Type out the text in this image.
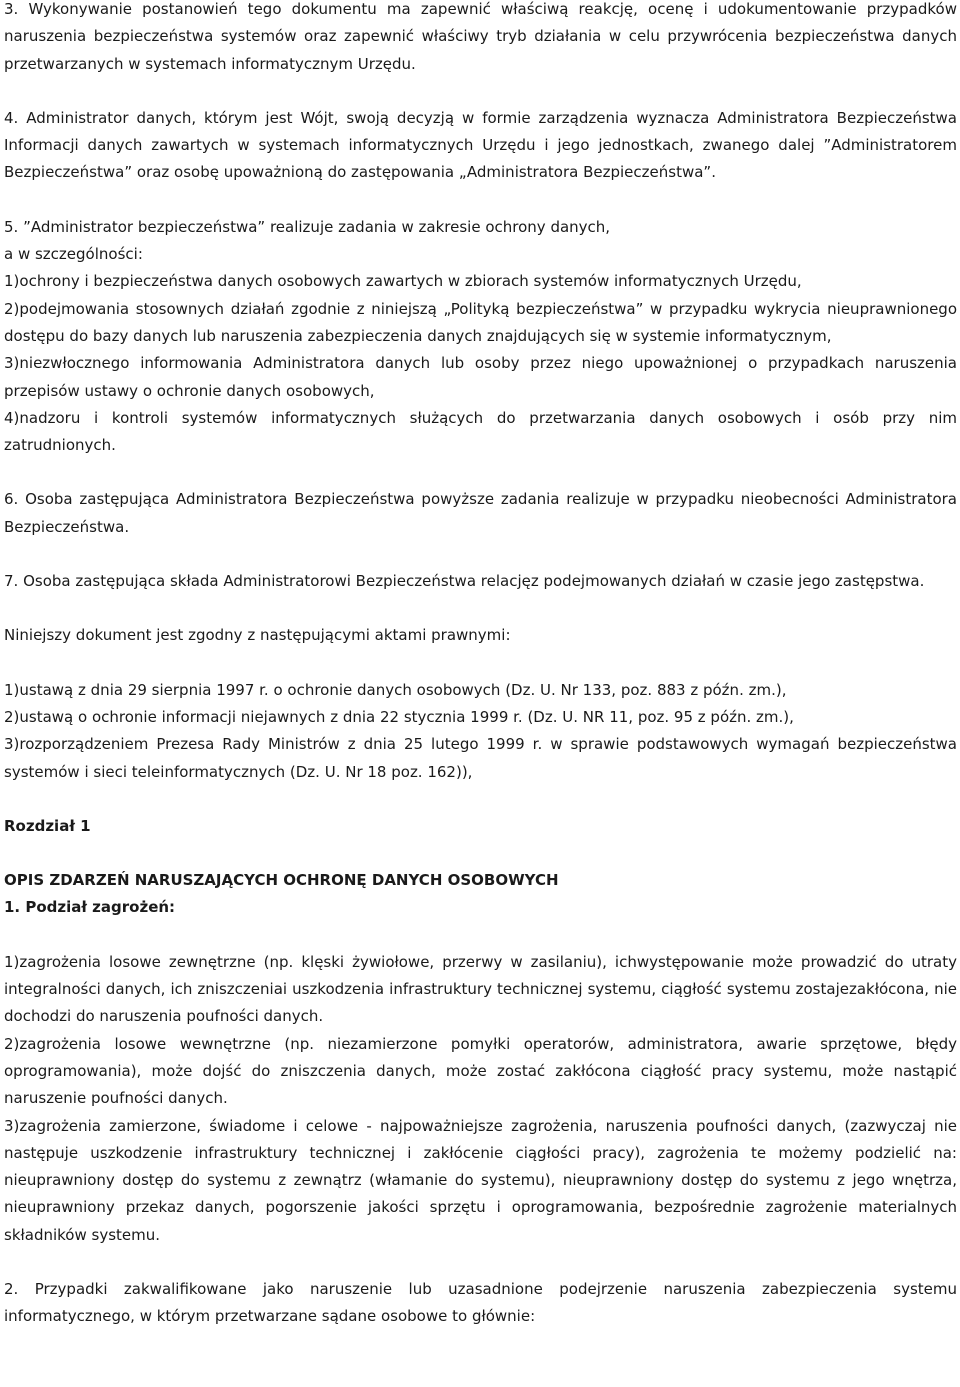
3. Wykonywanie postanowień tego dokumentu ma zapewnić właściwą reakcję, ocenę i udokumentowanie przypadków naruszenia bezpieczeństwa systemów oraz zapewnić właściwy tryb działania w celu przywrócenia bezpieczeństwa danych przetwarzanych w systemach informatycznym Urzędu.

4. Administrator danych, którym jest Wójt, swoją decyzją w formie zarządzenia wyznacza Administratora Bezpieczeństwa Informacji danych zawartych w systemach informatycznych Urzędu i jego jednostkach, zwanego dalej ”Administratorem Bezpieczeństwa” oraz osobę upoważnioną do zastępowania „Administratora Bezpieczeństwa”.

5. ”Administrator bezpieczeństwa” realizuje zadania w zakresie ochrony danych,

a w szczególności:

1)ochrony i bezpieczeństwa danych osobowych zawartych w zbiorach systemów informatycznych Urzędu,

2)podejmowania stosownych działań zgodnie z niniejszą „Polityką bezpieczeństwa” w przypadku wykrycia nieuprawnionego dostępu do bazy danych lub naruszenia zabezpieczenia danych znajdujących się w systemie informatycznym,

3)niezwłocznego informowania Administratora danych lub osoby przez niego upoważnionej o przypadkach naruszenia przepisów ustawy o ochronie danych osobowych,

4)nadzoru i kontroli systemów informatycznych służących do przetwarzania danych osobowych i osób przy nim zatrudnionych.

6. Osoba zastępująca Administratora Bezpieczeństwa powyższe zadania realizuje w przypadku nieobecności Administratora Bezpieczeństwa.

7. Osoba zastępująca składa Administratorowi Bezpieczeństwa relacjęz podejmowanych działań w czasie jego zastępstwa.

Niniejszy dokument jest zgodny z następującymi aktami prawnymi:

1)ustawą z dnia 29 sierpnia 1997 r. o ochronie danych osobowych (Dz. U. Nr 133, poz. 883 z późn. zm.),

2)ustawą o ochronie informacji niejawnych z dnia 22 stycznia 1999 r. (Dz. U. NR 11, poz. 95 z późn. zm.),

3)rozporządzeniem Prezesa Rady Ministrów z dnia 25 lutego 1999 r. w sprawie podstawowych wymagań bezpieczeństwa systemów i sieci teleinformatycznych (Dz. U. Nr 18 poz. 162)),

Rozdział 1

OPIS ZDARZEŃ NARUSZAJĄCYCH OCHRONĘ DANYCH OSOBOWYCH

1. Podział zagrożeń:

1)zagrożenia losowe zewnętrzne (np. klęski żywiołowe, przerwy w zasilaniu), ichwystępowanie może prowadzić do utraty integralności danych, ich zniszczeniai uszkodzenia infrastruktury technicznej systemu, ciągłość systemu zostajezakłócona, nie dochodzi do naruszenia poufności danych.

2)zagrożenia losowe wewnętrzne (np. niezamierzone pomyłki operatorów, administratora, awarie sprzętowe, błędy oprogramowania), może dojść do zniszczenia danych, może zostać zakłócona ciągłość pracy systemu, może nastąpić naruszenie poufności danych.

3)zagrożenia zamierzone, świadome i celowe - najpoważniejsze zagrożenia, naruszenia poufności danych, (zazwyczaj nie następuje uszkodzenie infrastruktury technicznej i zakłócenie ciągłości pracy), zagrożenia te możemy podzielić na: nieuprawniony dostęp do systemu z zewnątrz (włamanie do systemu), nieuprawniony dostęp do systemu z jego wnętrza, nieuprawniony przekaz danych, pogorszenie jakości sprzętu i oprogramowania, bezpośrednie zagrożenie materialnych składników systemu.

2. Przypadki zakwalifikowane jako naruszenie lub uzasadnione podejrzenie naruszenia zabezpieczenia systemu informatycznego, w którym przetwarzane sądane osobowe to głównie:
